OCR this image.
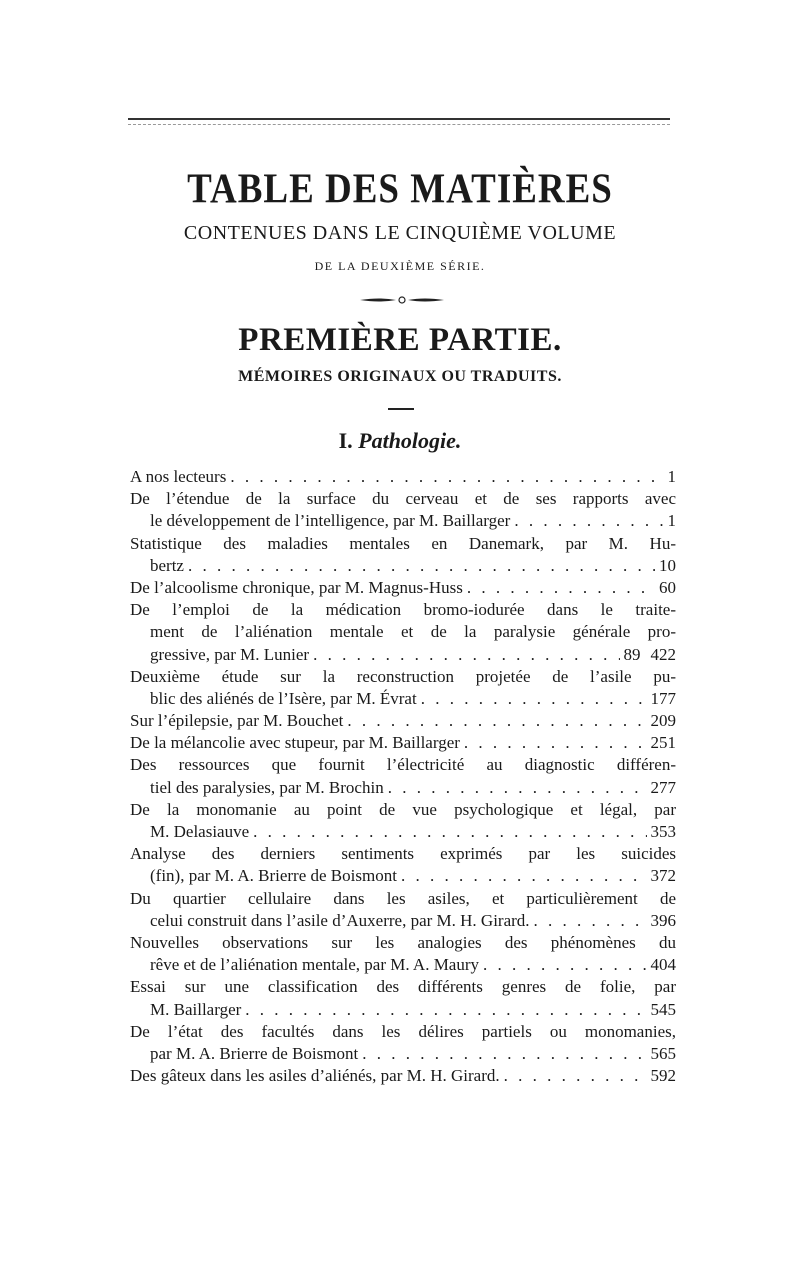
TABLE DES MATIÈRES
CONTENUES DANS LE CINQUIÈME VOLUME
DE LA DEUXIÈME SÉRIE.
PREMIÈRE PARTIE.
MÉMOIRES ORIGINAUX OU TRADUITS.
I. Pathologie.
A nos lecteurs . . .	1
De l’étendue de la surface du cerveau et de ses rapports avec
le développement de l’intelligence, par M. Baillarger . . .	1
Statistique des maladies mentales en Danemark, par M. Hu-
bertz . . .	10
De l’alcoolisme chronique, par M. Magnus-Huss . . .	60
De l’emploi de la médication bromo-iodurée dans le traite-
ment de l’aliénation mentale et de la paralysie générale pro-
gressive, par M. Lunier . . .	89 422
Deuxième étude sur la reconstruction projetée de l’asile pu-
blic des aliénés de l’Isère, par M. Évrat . . .	177
Sur l’épilepsie, par M. Bouchet . . .	209
De la mélancolie avec stupeur, par M. Baillarger . . .	251
Des ressources que fournit l’électricité au diagnostic différen-
tiel des paralysies, par M. Brochin . . .	277
De la monomanie au point de vue psychologique et légal, par
M. Delasiauve . . .	353
Analyse des derniers sentiments exprimés par les suicides
(fin), par M. A. Brierre de Boismont . . .	372
Du quartier cellulaire dans les asiles, et particulièrement de
celui construit dans l’asile d’Auxerre, par M. H. Girard. . . .	396
Nouvelles observations sur les analogies des phénomènes du
rêve et de l’aliénation mentale, par M. A. Maury . . .	404
Essai sur une classification des différents genres de folie, par
M. Baillarger . . .	545
De l’état des facultés dans les délires partiels ou monomanies,
par M. A. Brierre de Boismont . . .	565
Des gâteux dans les asiles d’aliénés, par M. H. Girard. . . .	592
